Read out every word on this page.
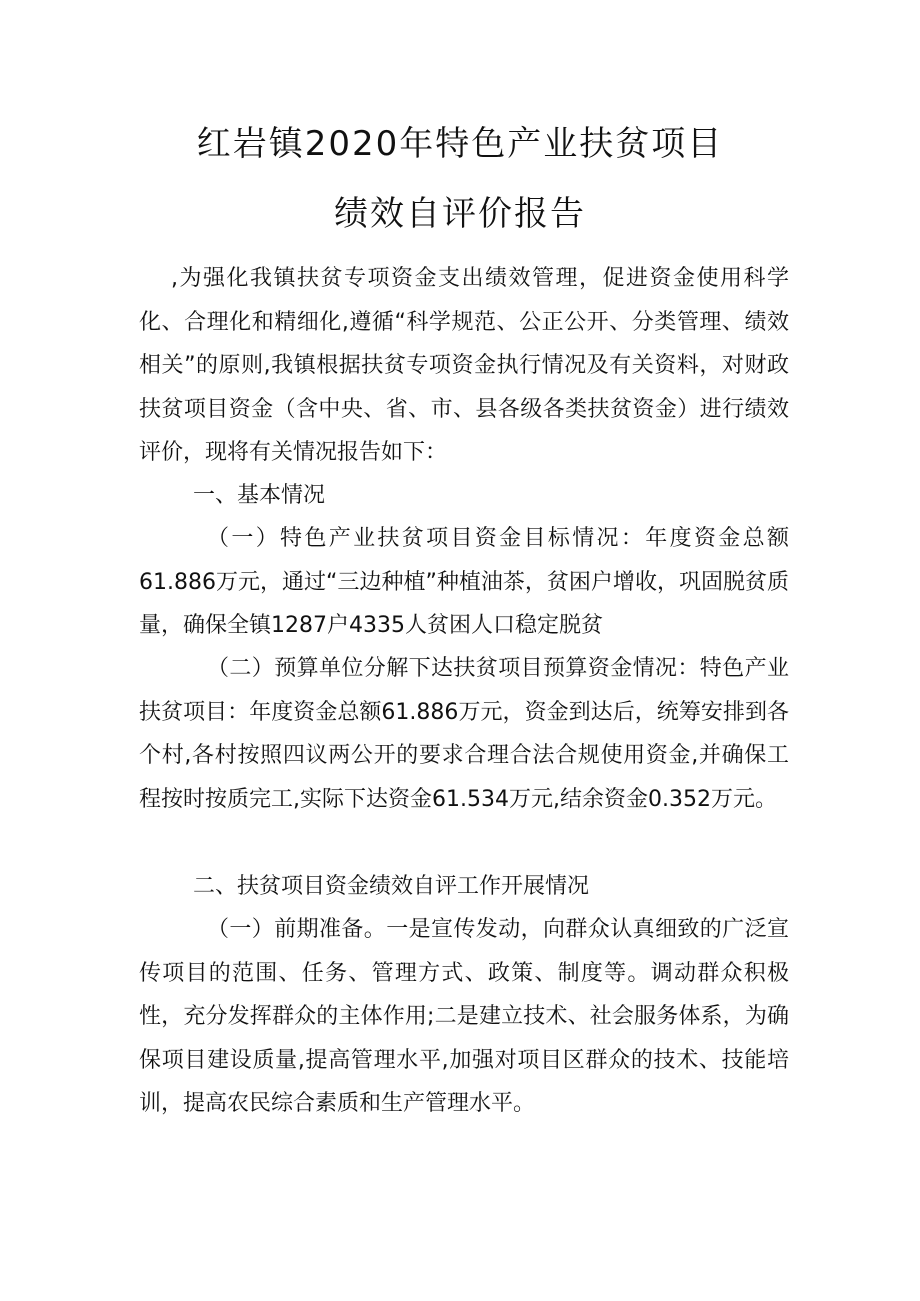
红岩镇2020年特色产业扶贫项目
绩效自评价报告

,为强化我镇扶贫专项资金支出绩效管理，促进资金使用科学化、合理化和精细化,遵循“科学规范、公正公开、分类管理、绩效相关”的原则,我镇根据扶贫专项资金执行情况及有关资料，对财政扶贫项目资金（含中央、省、市、县各级各类扶贫资金）进行绩效评价，现将有关情况报告如下：

一、基本情况

（一）特色产业扶贫项目资金目标情况：年度资金总额61.886万元，通过“三边种植”种植油茶，贫困户增收，巩固脱贫质量，确保全镇1287户4335人贫困人口稳定脱贫

（二）预算单位分解下达扶贫项目预算资金情况：特色产业扶贫项目：年度资金总额61.886万元，资金到达后，统筹安排到各个村,各村按照四议两公开的要求合理合法合规使用资金,并确保工程按时按质完工,实际下达资金61.534万元,结余资金0.352万元。

二、扶贫项目资金绩效自评工作开展情况

（一）前期准备。一是宣传发动，向群众认真细致的广泛宣传项目的范围、任务、管理方式、政策、制度等。调动群众积极性，充分发挥群众的主体作用;二是建立技术、社会服务体系，为确保项目建设质量,提高管理水平,加强对项目区群众的技术、技能培训，提高农民综合素质和生产管理水平。
